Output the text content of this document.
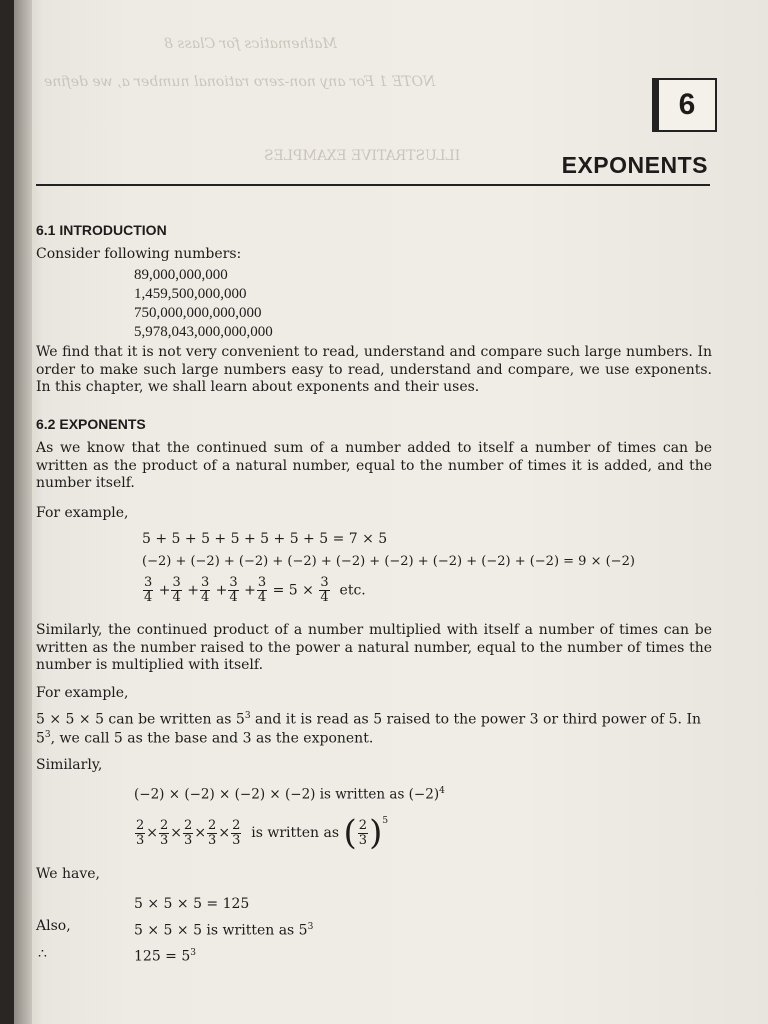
Mathematics for Class 8
NOTE 1 For any non-zero rational number a, we define
ILLUSTRATIVE EXAMPLES
6
EXPONENTS
6.1 INTRODUCTION
Consider following numbers:
89,000,000,000
1,459,500,000,000
750,000,000,000,000
5,978,043,000,000,000
We find that it is not very convenient to read, understand and compare such large numbers. In order to make such large numbers easy to read, understand and compare, we use exponents. In this chapter, we shall learn about exponents and their uses.
6.2 EXPONENTS
As we know that the continued sum of a number added to itself a number of times can be written as the product of a natural number, equal to the number of times it is added, and the number itself.
For example,
5 + 5 + 5 + 5 + 5 + 5 + 5 = 7 × 5
(−2) + (−2) + (−2) + (−2) + (−2) + (−2) + (−2) + (−2) + (−2) = 9 × (−2)
$\frac{3}{4} + \frac{3}{4} + \frac{3}{4} + \frac{3}{4} + \frac{3}{4} = 5 \times \frac{3}{4}$ etc.
Similarly, the continued product of a number multiplied with itself a number of times can be written as the number raised to the power a natural number, equal to the number of times the number is multiplied with itself.
For example,
5 × 5 × 5 can be written as $5^3$ and it is read as 5 raised to the power 3 or third power of 5. In
$5^3$, we call 5 as the base and 3 as the exponent.
Similarly,
(−2) × (−2) × (−2) × (−2) is written as $(-2)^4$
$\frac{2}{3} \times \frac{2}{3} \times \frac{2}{3} \times \frac{2}{3} \times \frac{2}{3}$ is written as ( $\frac{2}{3} )^5$
We have,
5 × 5 × 5 = 125
Also,	5 × 5 × 5 is written as $5^3$
∴	$125 = 5^3$
